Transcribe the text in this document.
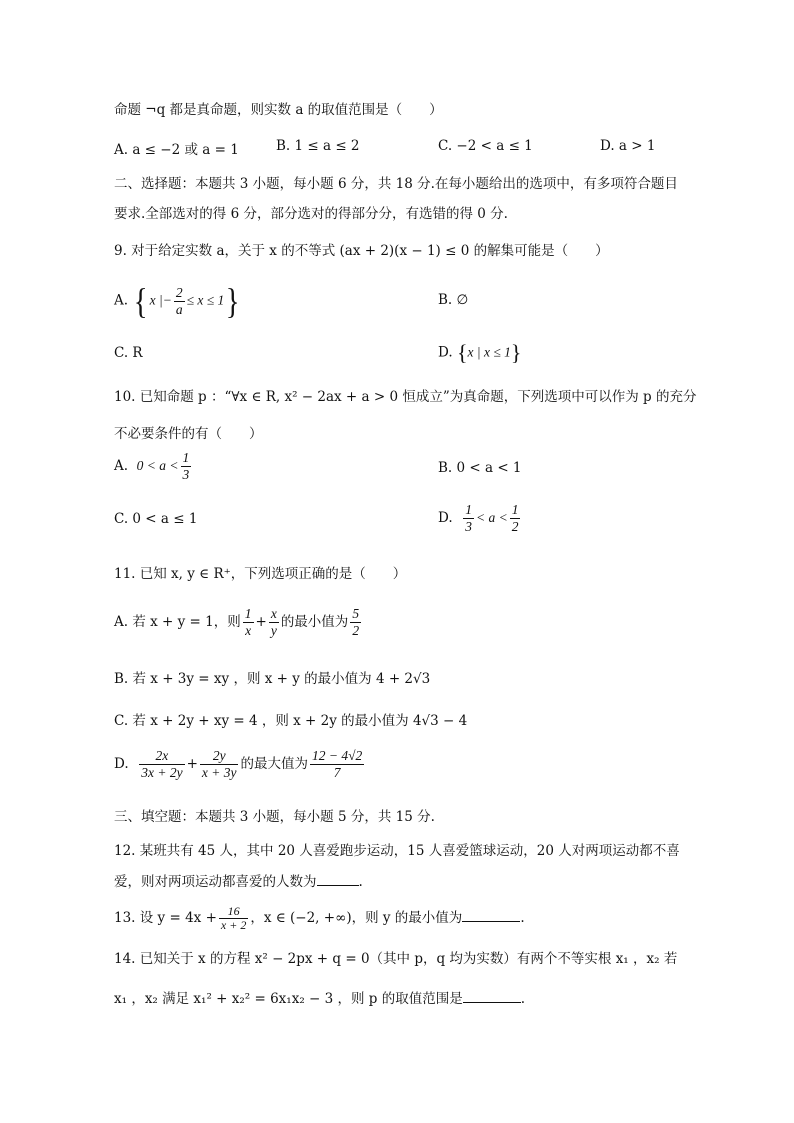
命题 ¬q 都是真命题，则实数 a 的取值范围是（　　）
A. a ≤ −2 或 a = 1	B. 1 ≤ a ≤ 2	C. −2 < a ≤ 1	D. a > 1
二、选择题：本题共 3 小题，每小题 6 分，共 18 分.在每小题给出的选项中，有多项符合题目
要求.全部选对的得 6 分，部分选对的得部分分，有选错的得 0 分.
9. 对于给定实数 a，关于 x 的不等式 (ax + 2)(x − 1) ≤ 0 的解集可能是（　　）
A. { x |− $\frac{2}{a} \le x \le 1$}	B. ∅
C. R	D. {x | x ≤ 1}
10. 已知命题 p ：“∀x ∈ R, x² − 2ax + a > 0 恒成立”为真命题，下列选项中可以作为 p 的充分
不必要条件的有（　　）
A. $0 < a < \frac{1}{3}$	B. 0 < a < 1
C. 0 < a ≤ 1	D. $\frac{1}{3} < a < \frac{1}{2}$
11. 已知 x, y ∈ R⁺，下列选项正确的是（　　）
A. 若 x + y = 1，则 $\frac{1}{x} + \frac{x}{y}$ 的最小值为 $\frac{5}{2}$
B. 若 x + 3y = xy ，则 x + y 的最小值为 4 + 2√3
C. 若 x + 2y + xy = 4 ，则 x + 2y 的最小值为 4√3 − 4
D. $\frac{2x}{3x + 2y} + \frac{2y}{x + 3y}$ 的最大值为 $\frac{12 - 4√2}{7}$
三、填空题：本题共 3 小题，每小题 5 分，共 15 分.
12. 某班共有 45 人，其中 20 人喜爱跑步运动，15 人喜爱篮球运动，20 人对两项运动都不喜
爱，则对两项运动都喜爱的人数为	.
13. 设 $y = 4x + \frac{16}{x + 2}$ ，x ∈ (−2, +∞)，则 y 的最小值为	.
14. 已知关于 x 的方程 x² − 2px + q = 0（其中 p，q 均为实数）有两个不等实根 x₁ ，x₂ 若
x₁ ，x₂ 满足 x₁² + x₂² = 6x₁x₂ − 3 ，则 p 的取值范围是	.
